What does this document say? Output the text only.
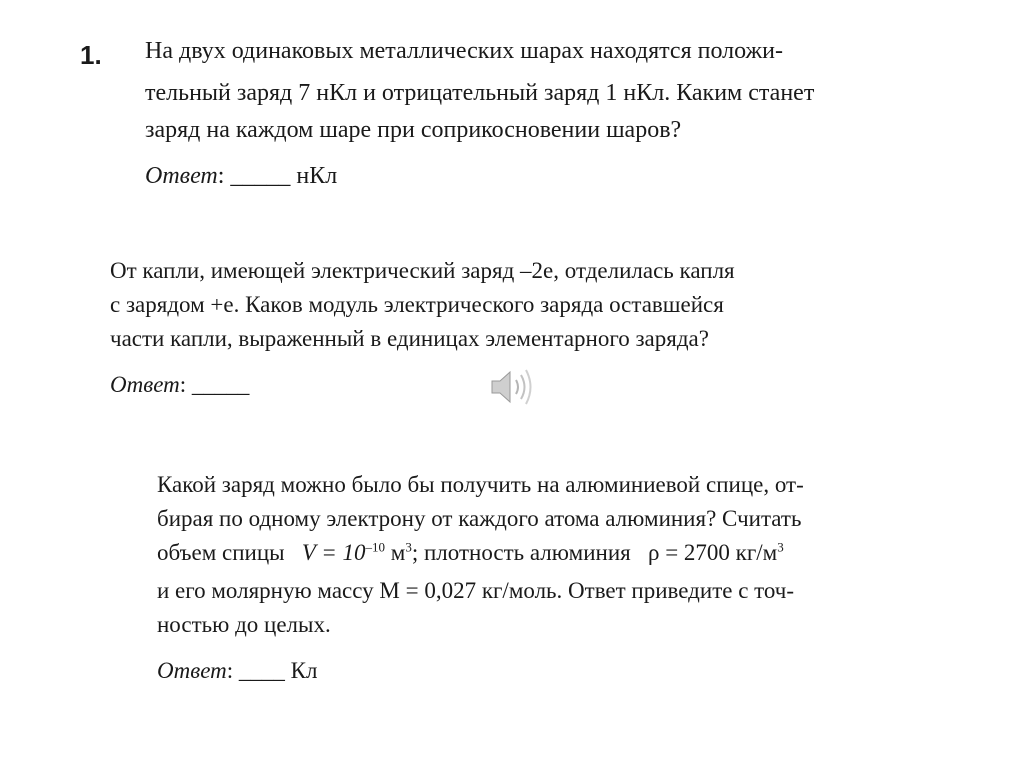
1. На двух одинаковых металлических шарах находятся положи-
тельный заряд 7 нКл и отрицательный заряд 1 нКл. Каким станет
заряд на каждом шаре при соприкосновении шаров?
Ответ: _____ нКл
От капли, имеющей электрический заряд –2e, отделилась капля
с зарядом +e. Каков модуль электрического заряда оставшейся
части капли, выраженный в единицах элементарного заряда?
Ответ: _____
Какой заряд можно было бы получить на алюминиевой спице, от-
бирая по одному электрону от каждого атома алюминия? Считать
объем спицы $V = 10^{-10}$ $м^3$; плотность алюминия ρ = 2700 $кг/м^3$
и его молярную массу M = 0,027 кг/моль. Ответ приведите с точ-
ностью до целых.
Ответ: ____ Кл
